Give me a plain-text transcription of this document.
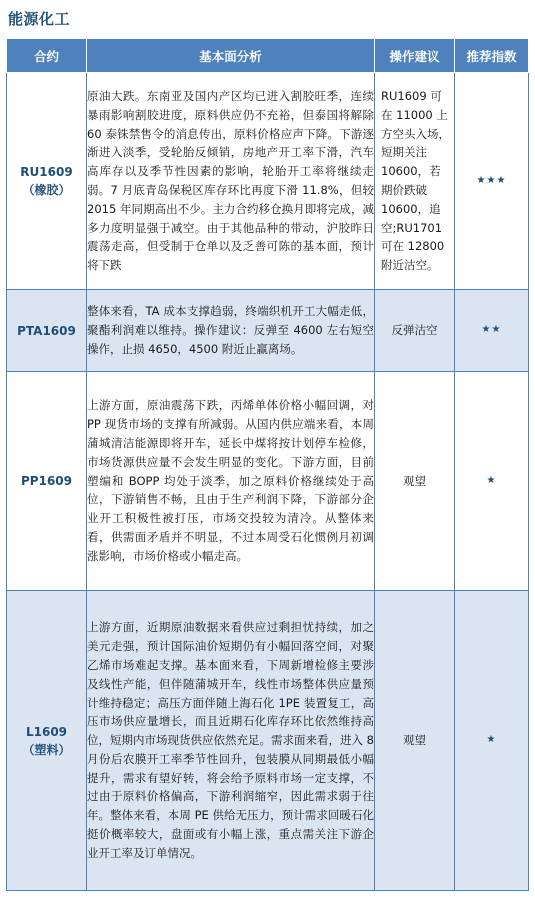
能源化工
合约	基本面分析	操作建议	推荐指数

RU1609
（橡胶）	原油大跌。东南亚及国内产区均已进入割胶旺季，连续暴雨影响割胶进度，原料供应仍不充裕，但泰国将解除 60 泰铢禁售令的消息传出，原料价格应声下降。下游逐渐进入淡季，受轮胎反倾销，房地产开工率下滑，汽车高库存以及季节性因素的影响，轮胎开工率将继续走弱。7 月底青岛保税区库存环比再度下滑 11.8%，但较 2015 年同期高出不少。主力合约移仓换月即将完成，减多力度明显强于减空。由于其他品种的带动，沪胶昨日震荡走高，但受制于仓单以及乏善可陈的基本面，预计将下跌	RU1609 可在 11000 上方空头入场，短期关注 10600，若期价跌破 10600，追空;RU1701 可在 12800 附近沽空。	★★★

PTA1609	整体来看，TA 成本支撑趋弱，终端织机开工大幅走低，聚酯利润难以维持。操作建议：反弹至 4600 左右短空操作，止损 4650，4500 附近止赢离场。	反弹沽空	★★

PP1609	上游方面，原油震荡下跌，丙烯单体价格小幅回调，对 PP 现货市场的支撑有所减弱。从国内供应端来看，本周蒲城清洁能源即将开车，延长中煤将按计划停车检修，市场货源供应量不会发生明显的变化。下游方面，目前塑编和 BOPP 均处于淡季，加之原料价格继续处于高位，下游销售不畅，且由于生产利润下降，下游部分企业开工积极性被打压，市场交投较为清冷。从整体来看，供需面矛盾并不明显，不过本周受石化惯例月初调涨影响，市场价格或小幅走高。	观望	★

L1609
（塑料）	上游方面，近期原油数据来看供应过剩担忧持续，加之美元走强，预计国际油价短期仍有小幅回落空间，对聚乙烯市场难起支撑。基本面来看，下周新增检修主要涉及线性产能，但伴随蒲城开车，线性市场整体供应量预计维持稳定；高压方面伴随上海石化 1PE 装置复工，高压市场供应量增长，而且近期石化库存环比依然维持高位，短期内市场现货供应依然充足。需求面来看，进入 8 月份后农膜开工率季节性回升，包装膜从同期最低小幅提升，需求有望好转，将会给予原料市场一定支撑，不过由于原料价格偏高，下游利润缩窄，因此需求弱于往年。整体来看，本周 PE 供给无压力，预计需求回暖石化挺价概率较大，盘面或有小幅上涨，重点需关注下游企业开工率及订单情况。	观望	★
